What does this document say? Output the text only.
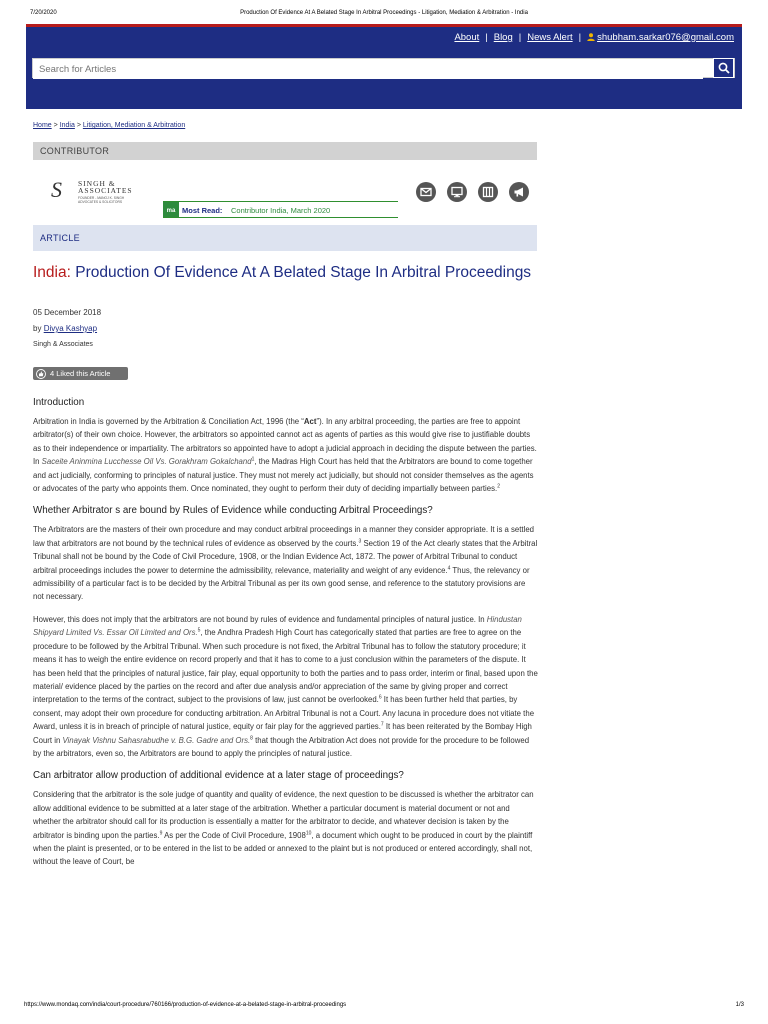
7/20/2020	Production Of Evidence At A Belated Stage In Arbitral Proceedings - Litigation, Mediation & Arbitration - India
About | Blog | News Alert | shubham.sarkar076@gmail.com
Search for Articles
Home > India > Litigation, Mediation & Arbitration
CONTRIBUTOR
S SINGH &
ASSOCIATES
FOUNDER - MANOJ K. SINGH
ADVOCATES & SOLICITORS
ma Most Read: Contributor India, March 2020
ARTICLE
India: Production Of Evidence At A Belated Stage In Arbitral Proceedings
05 December 2018
by Divya Kashyap
Singh & Associates
4 Liked this Article
Introduction

Arbitration in India is governed by the Arbitration & Conciliation Act, 1996 (the “Act”). In any arbitral proceeding, the parties are free to appoint arbitrator(s) of their own choice. However, the arbitrators so appointed cannot act as agents of parties as this would give rise to justifiable doubts as to their independence or impartiality. The arbitrators so appointed have to adopt a judicial approach in deciding the dispute between the parties. In Saceite Aninmina Lucchesse Oil Vs. Gorakhram Gokalchand$^1$, the Madras High Court has held that the Arbitrators are bound to come together and act judicially, conforming to principles of natural justice. They must not merely act judicially, but should not consider themselves as the agents or advocates of the party who appoints them. Once nominated, they ought to perform their duty of deciding impartially between parties.$^2$

Whether Arbitrator s are bound by Rules of Evidence while conducting Arbitral Proceedings?

The Arbitrators are the masters of their own procedure and may conduct arbitral proceedings in a manner they consider appropriate. It is a settled law that arbitrators are not bound by the technical rules of evidence as observed by the courts.$^3$ Section 19 of the Act clearly states that the Arbitral Tribunal shall not be bound by the Code of Civil Procedure, 1908, or the Indian Evidence Act, 1872. The power of Arbitral Tribunal to conduct arbitral proceedings includes the power to determine the admissibility, relevance, materiality and weight of any evidence.$^4$ Thus, the relevancy or admissibility of a particular fact is to be decided by the Arbitral Tribunal as per its own good sense, and reference to the statutory provisions are not necessary.

However, this does not imply that the arbitrators are not bound by rules of evidence and fundamental principles of natural justice. In Hindustan Shipyard Limited Vs. Essar Oil Limited and Ors.$^5$, the Andhra Pradesh High Court has categorically stated that parties are free to agree on the procedure to be followed by the Arbitral Tribunal. When such procedure is not fixed, the Arbitral Tribunal has to follow the statutory procedure; it means it has to weigh the entire evidence on record properly and that it has to come to a just conclusion within the parameters of the dispute. It has been held that the principles of natural justice, fair play, equal opportunity to both the parties and to pass order, interim or final, based upon the material/ evidence placed by the parties on the record and after due analysis and/or appreciation of the same by giving proper and correct interpretation to the terms of the contract, subject to the provisions of law, just cannot be overlooked.$^6$ It has been further held that parties, by consent, may adopt their own procedure for conducting arbitration. An Arbitral Tribunal is not a Court. Any lacuna in procedure does not vitiate the Award, unless it is in breach of principle of natural justice, equity or fair play for the aggrieved parties.$^7$ It has been reiterated by the Bombay High Court in Vinayak Vishnu Sahasrabudhe v. B.G. Gadre and Ors.$^8$ that though the Arbitration Act does not provide for the procedure to be followed by the arbitrators, even so, the Arbitrators are bound to apply the principles of natural justice.

Can arbitrator allow production of additional evidence at a later stage of proceedings?

Considering that the arbitrator is the sole judge of quantity and quality of evidence, the next question to be discussed is whether the arbitrator can allow additional evidence to be submitted at a later stage of the arbitration. Whether a particular document is material document or not and whether the arbitrator should call for its production is essentially a matter for the arbitrator to decide, and whatever decision is taken by the arbitrator is binding upon the parties.$^9$ As per the Code of Civil Procedure, 1908$^{10}$, a document which ought to be produced in court by the plaintiff when the plaint is presented, or to be entered in the list to be added or annexed to the plaint but is not produced or entered accordingly, shall not, without the leave of Court, be

https://www.mondaq.com/india/court-procedure/760166/production-of-evidence-at-a-belated-stage-in-arbitral-proceedings	1/3
